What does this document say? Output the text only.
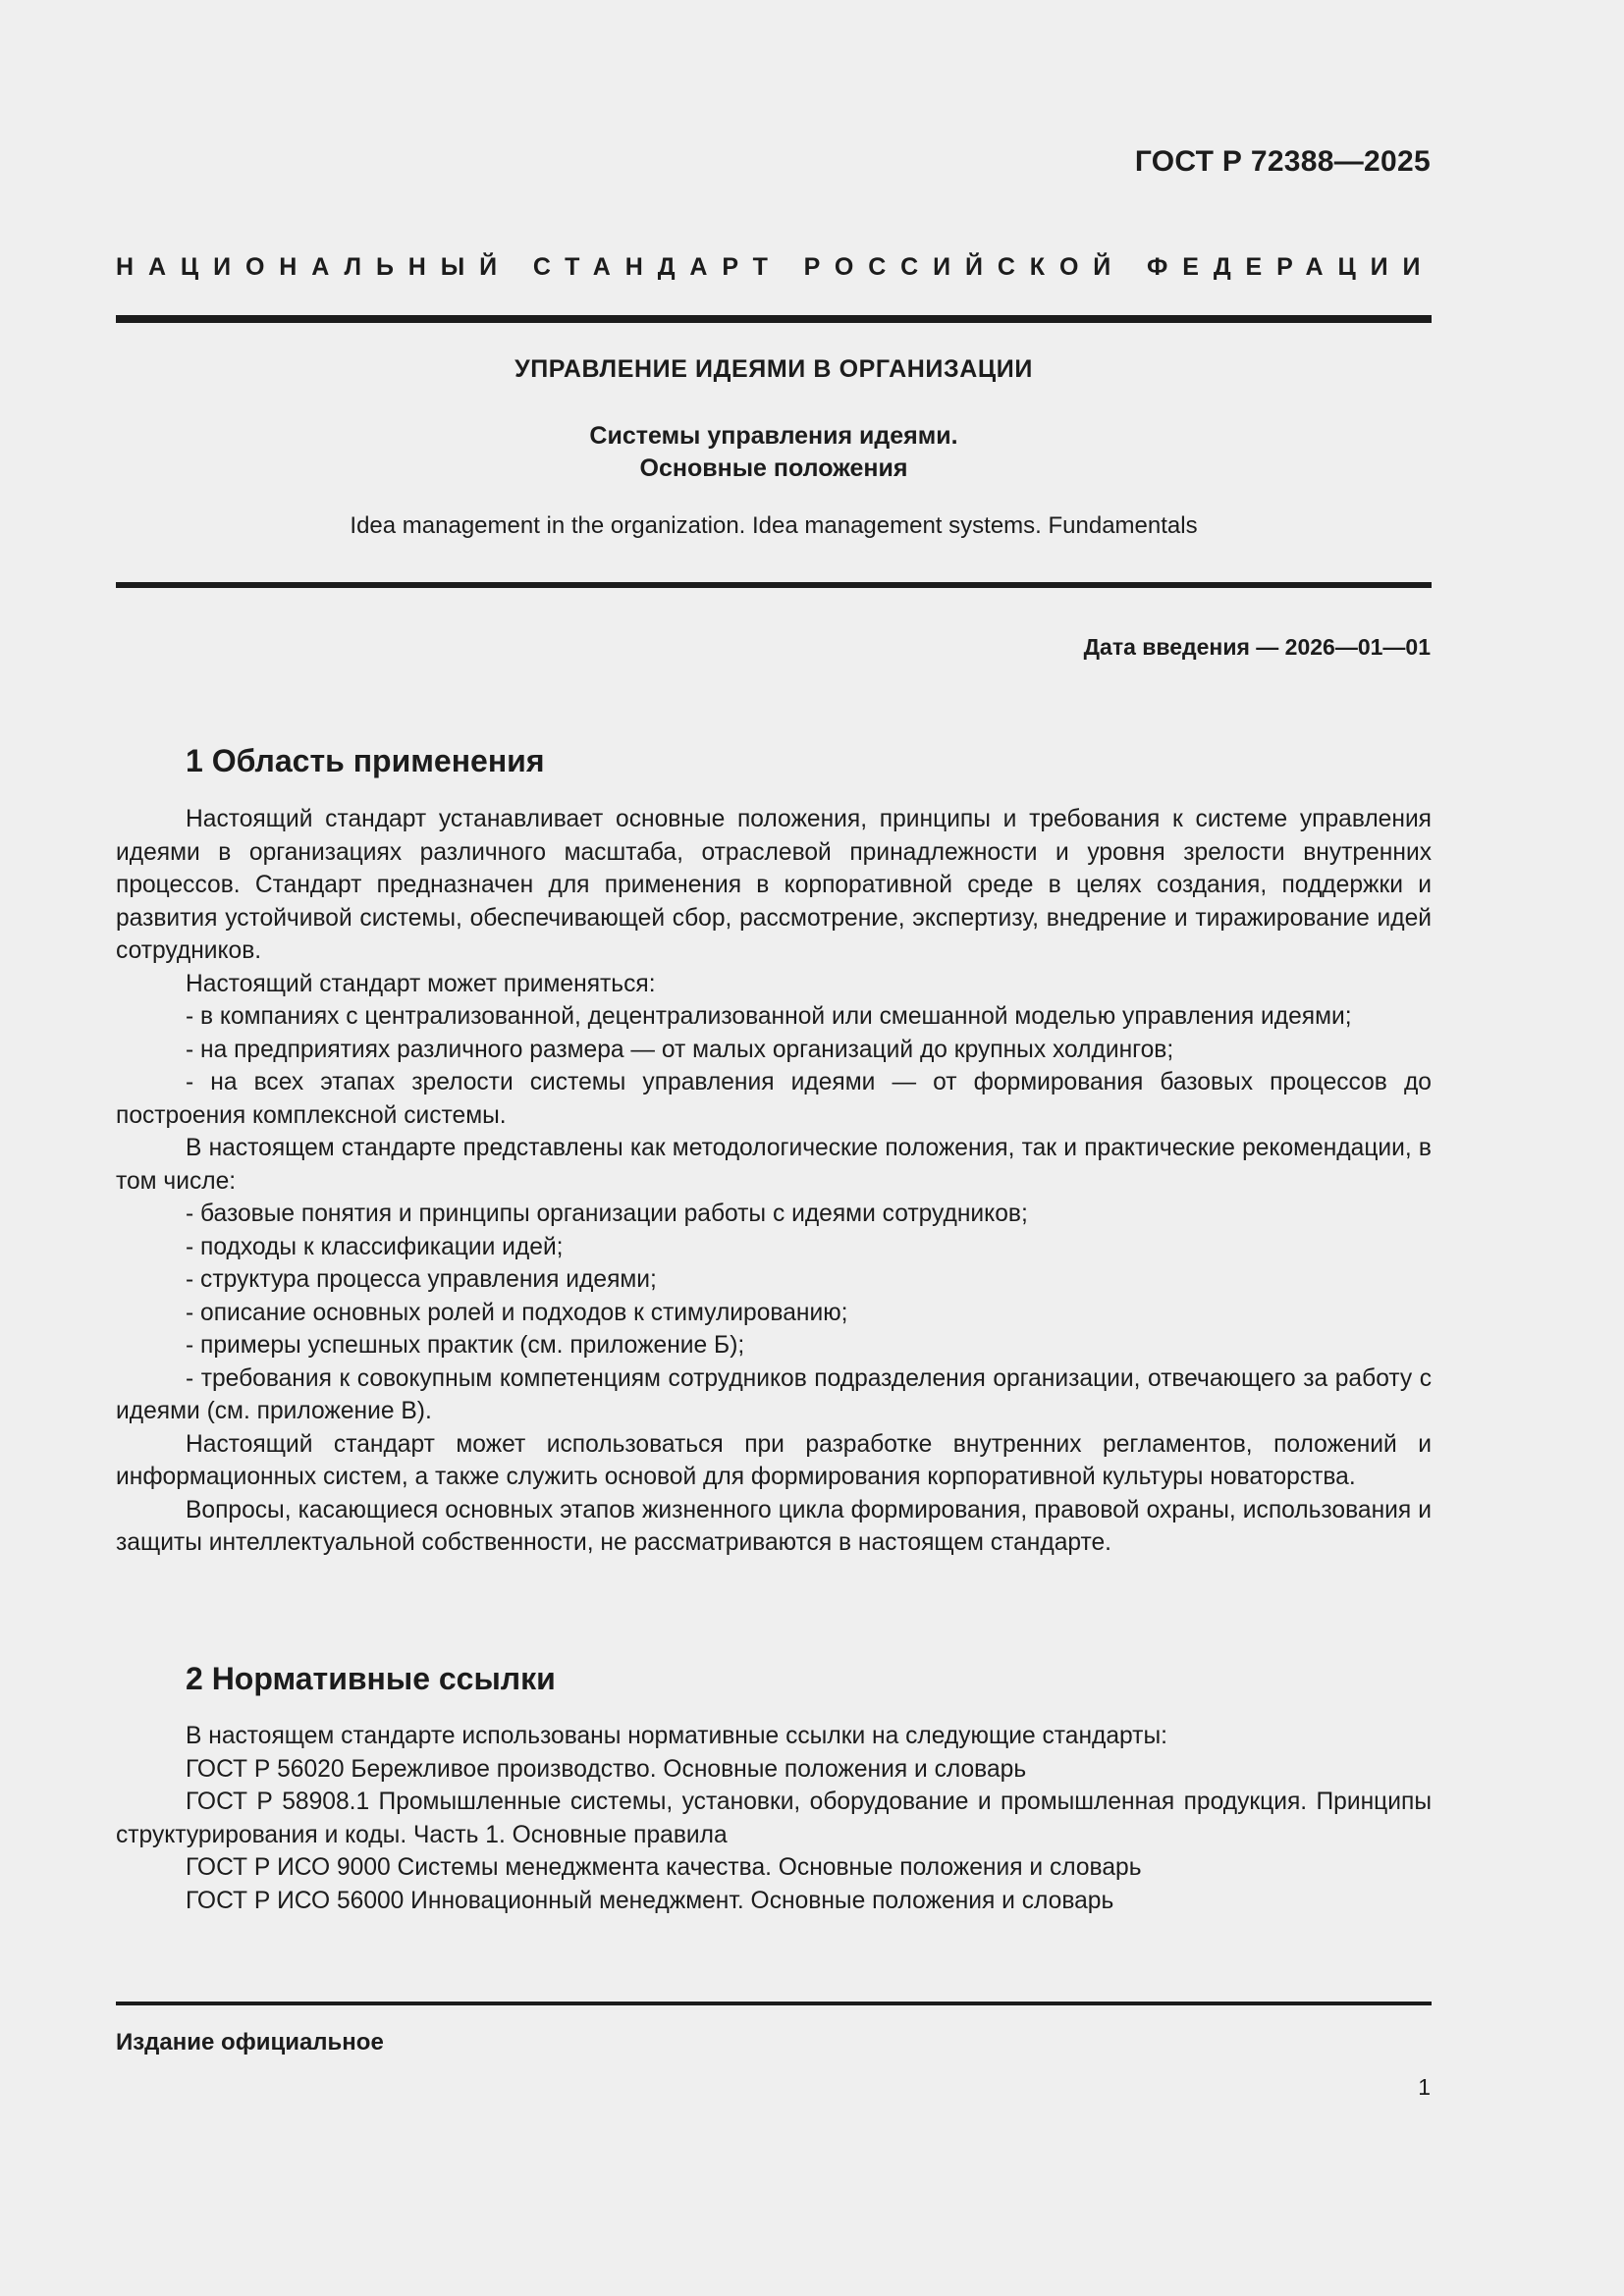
ГОСТ Р 72388—2025
НАЦИОНАЛЬНЫЙ СТАНДАРТ РОССИЙСКОЙ ФЕДЕРАЦИИ
УПРАВЛЕНИЕ ИДЕЯМИ В ОРГАНИЗАЦИИ
Системы управления идеями.
Основные положения
Idea management in the organization. Idea management systems. Fundamentals
Дата введения — 2026—01—01
1 Область применения

Настоящий стандарт устанавливает основные положения, принципы и требования к системе управления идеями в организациях различного масштаба, отраслевой принадлежности и уровня зрелости внутренних процессов. Стандарт предназначен для применения в корпоративной среде в целях создания, поддержки и развития устойчивой системы, обеспечивающей сбор, рассмотрение, экспертизу, внедрение и тиражирование идей сотрудников.

Настоящий стандарт может применяться:

- в компаниях с централизованной, децентрализованной или смешанной моделью управления идеями;

- на предприятиях различного размера — от малых организаций до крупных холдингов;

- на всех этапах зрелости системы управления идеями — от формирования базовых процессов до построения комплексной системы.

В настоящем стандарте представлены как методологические положения, так и практические рекомендации, в том числе:

- базовые понятия и принципы организации работы с идеями сотрудников;

- подходы к классификации идей;

- структура процесса управления идеями;

- описание основных ролей и подходов к стимулированию;

- примеры успешных практик (см. приложение Б);

- требования к совокупным компетенциям сотрудников подразделения организации, отвечающего за работу с идеями (см. приложение В).

Настоящий стандарт может использоваться при разработке внутренних регламентов, положений и информационных систем, а также служить основой для формирования корпоративной культуры новаторства.

Вопросы, касающиеся основных этапов жизненного цикла формирования, правовой охраны, использования и защиты интеллектуальной собственности, не рассматриваются в настоящем стандарте.

2 Нормативные ссылки

В настоящем стандарте использованы нормативные ссылки на следующие стандарты:

ГОСТ Р 56020 Бережливое производство. Основные положения и словарь

ГОСТ Р 58908.1 Промышленные системы, установки, оборудование и промышленная продукция. Принципы структурирования и коды. Часть 1. Основные правила

ГОСТ Р ИСО 9000 Системы менеджмента качества. Основные положения и словарь

ГОСТ Р ИСО 56000 Инновационный менеджмент. Основные положения и словарь

Издание официальное
1
